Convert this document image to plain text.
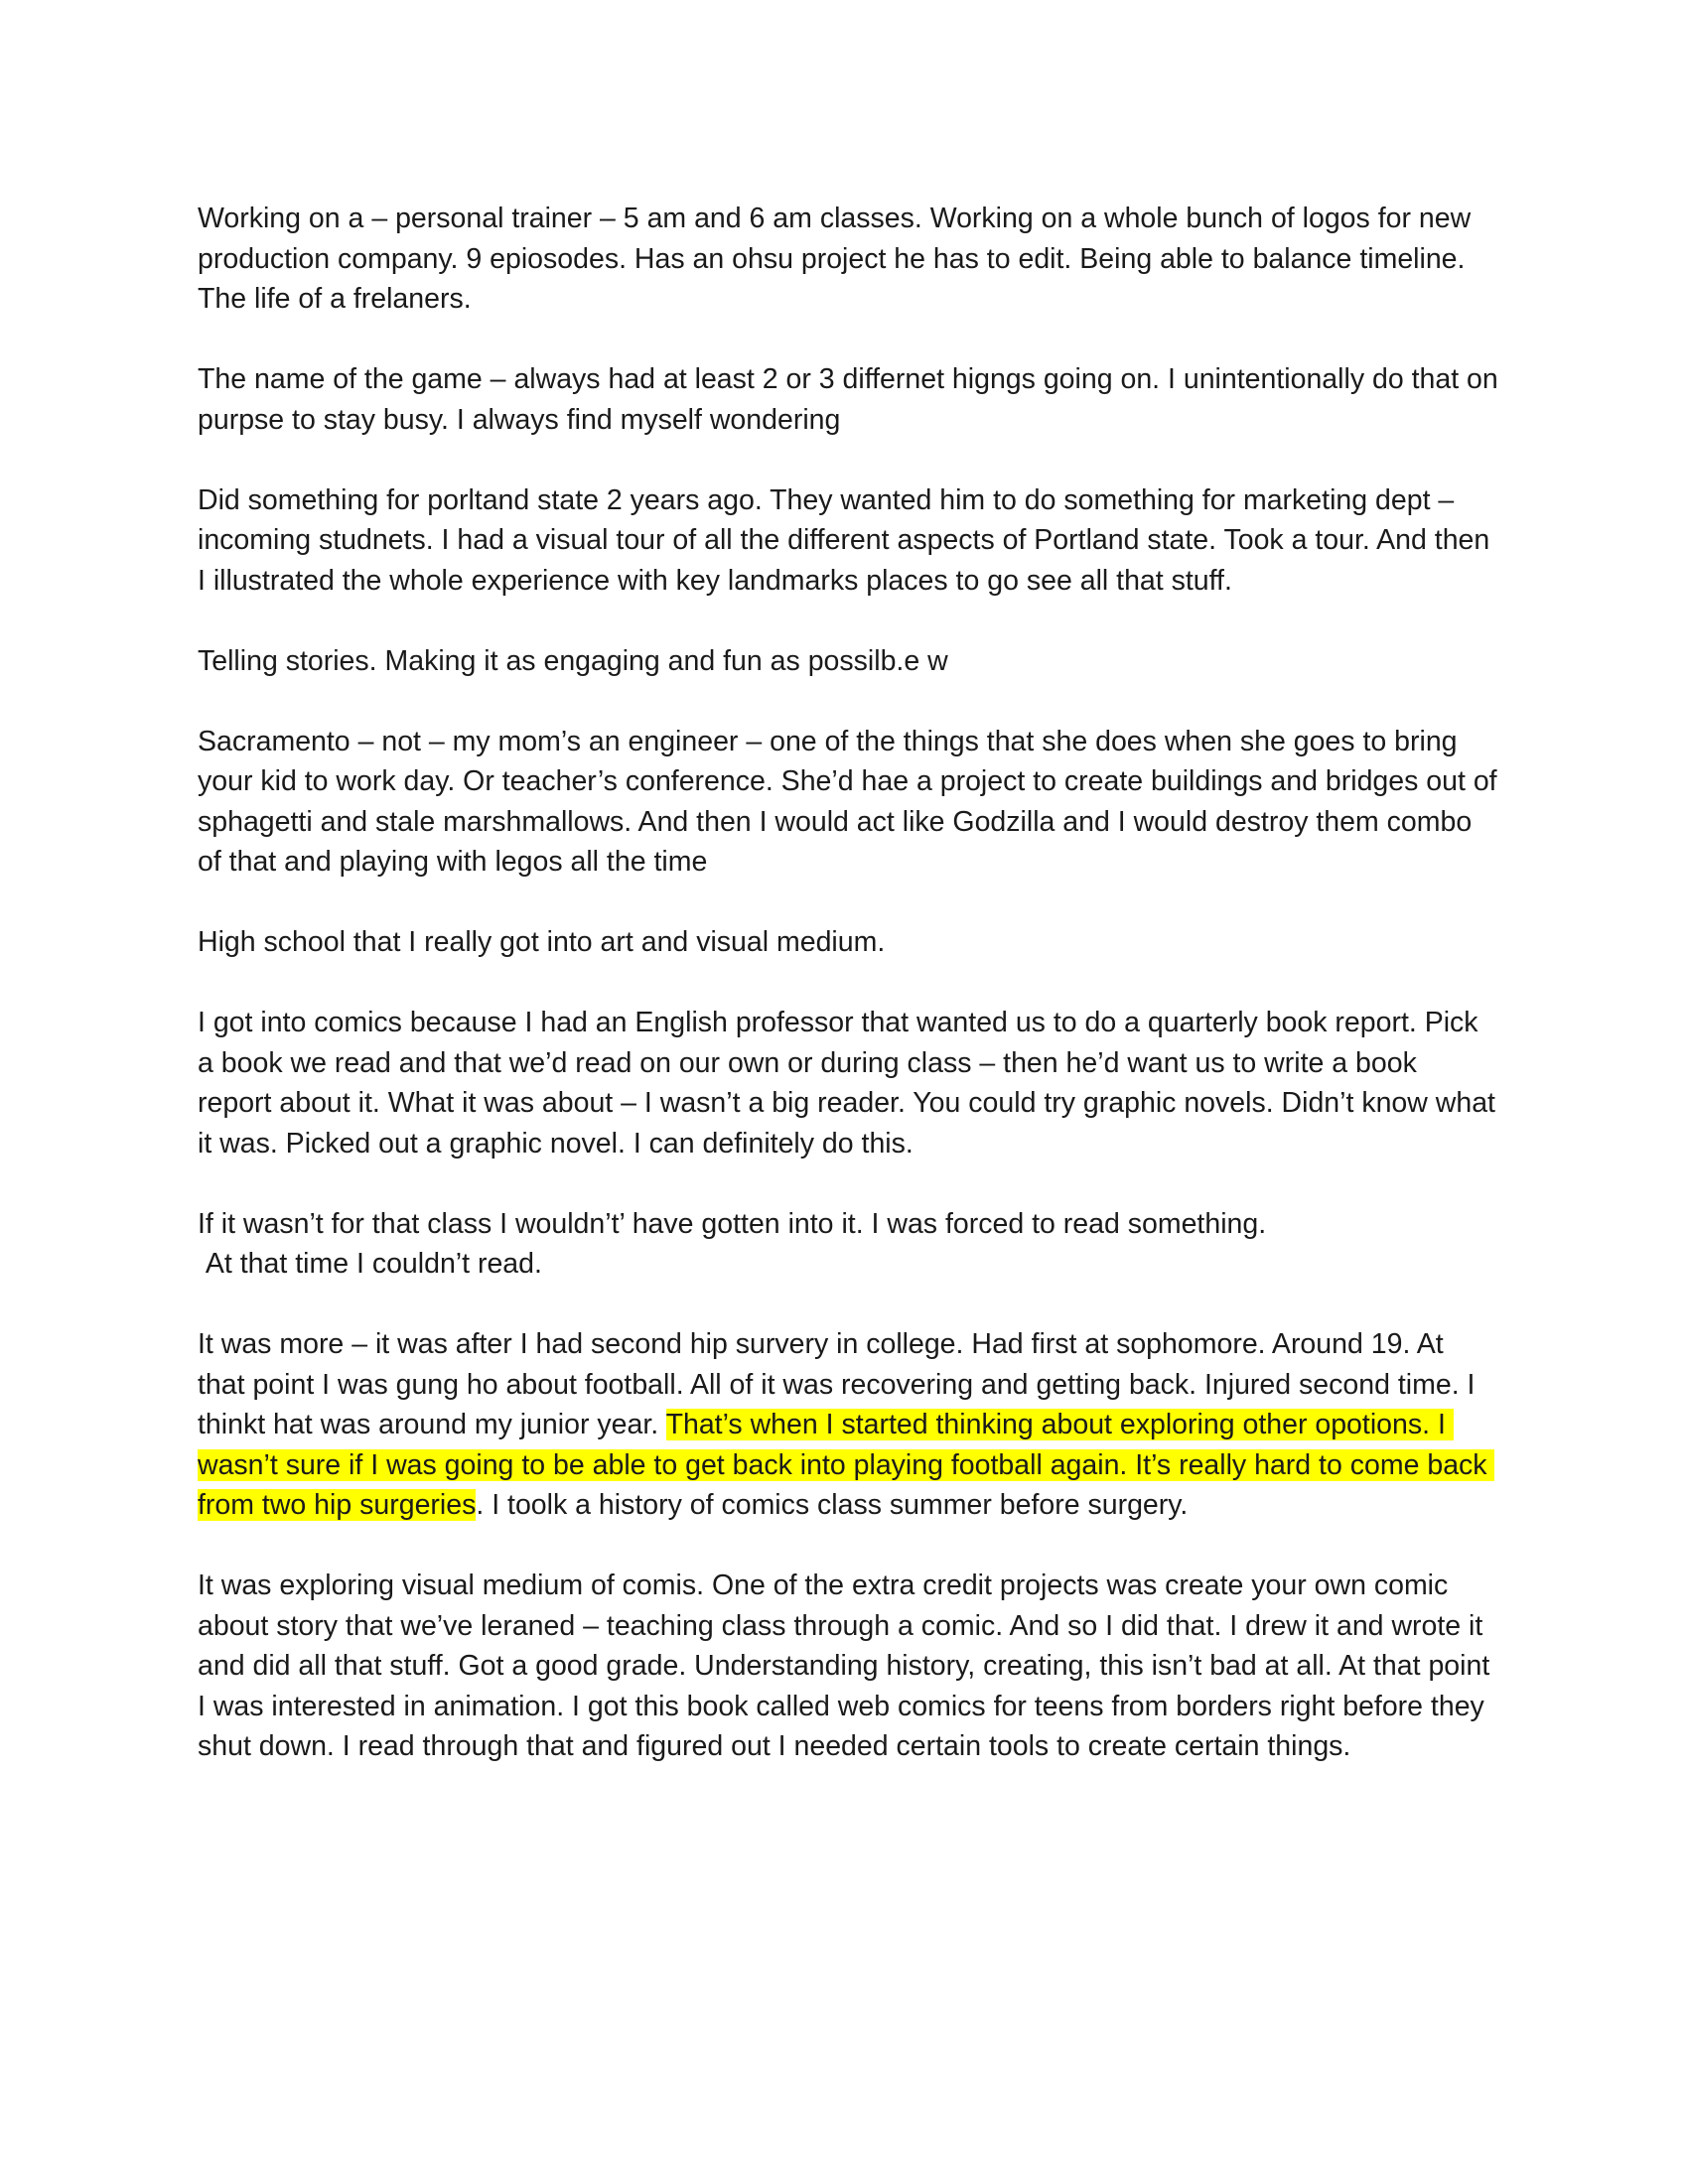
Working on a – personal trainer – 5 am and 6 am classes. Working on a whole bunch of logos for new production company. 9 epiosodes. Has an ohsu project he has to edit. Being able to balance timeline. The life of a frelaners.

The name of the game – always had at least 2 or 3 differnet higngs going on. I unintentionally do that on purpse to stay busy. I always find myself wondering

Did something for porltand state 2 years ago. They wanted him to do something for marketing dept – incoming studnets. I had a visual tour of all the different aspects of Portland state. Took a tour. And then I illustrated the whole experience with key landmarks places to go see all that stuff.

Telling stories. Making it as engaging and fun as possilb.e w

Sacramento – not – my mom’s an engineer – one of the things that she does when she goes to bring your kid to work day. Or teacher’s conference. She’d hae a project to create buildings and bridges out of sphagetti and stale marshmallows. And then I would act like Godzilla and I would destroy them combo of that and playing with legos all the time

High school that I really got into art and visual medium.

I got into comics because I had an English professor that wanted us to do a quarterly book report. Pick a book we read and that we’d read on our own or during class – then he’d want us to write a book report about it. What it was about – I wasn’t a big reader. You could try graphic novels. Didn’t know what it was. Picked out a graphic novel. I can definitely do this.

If it wasn’t for that class I wouldn’t’ have gotten into it. I was forced to read something.
At that time I couldn’t read.

It was more – it was after I had second hip survery in college. Had first at sophomore. Around 19. At that point I was gung ho about football. All of it was recovering and getting back. Injured second time. I thinkt hat was around my junior year. That’s when I started thinking about exploring other opotions. I wasn’t sure if I was going to be able to get back into playing football again. It’s really hard to come back from two hip surgeries. I toolk a history of comics class summer before surgery.

It was exploring visual medium of comis. One of the extra credit projects was create your own comic about story that we’ve leraned – teaching class through a comic. And so I did that. I drew it and wrote it and did all that stuff. Got a good grade. Understanding history, creating, this isn’t bad at all. At that point I was interested in animation. I got this book called web comics for teens from borders right before they shut down. I read through that and figured out I needed certain tools to create certain things.
